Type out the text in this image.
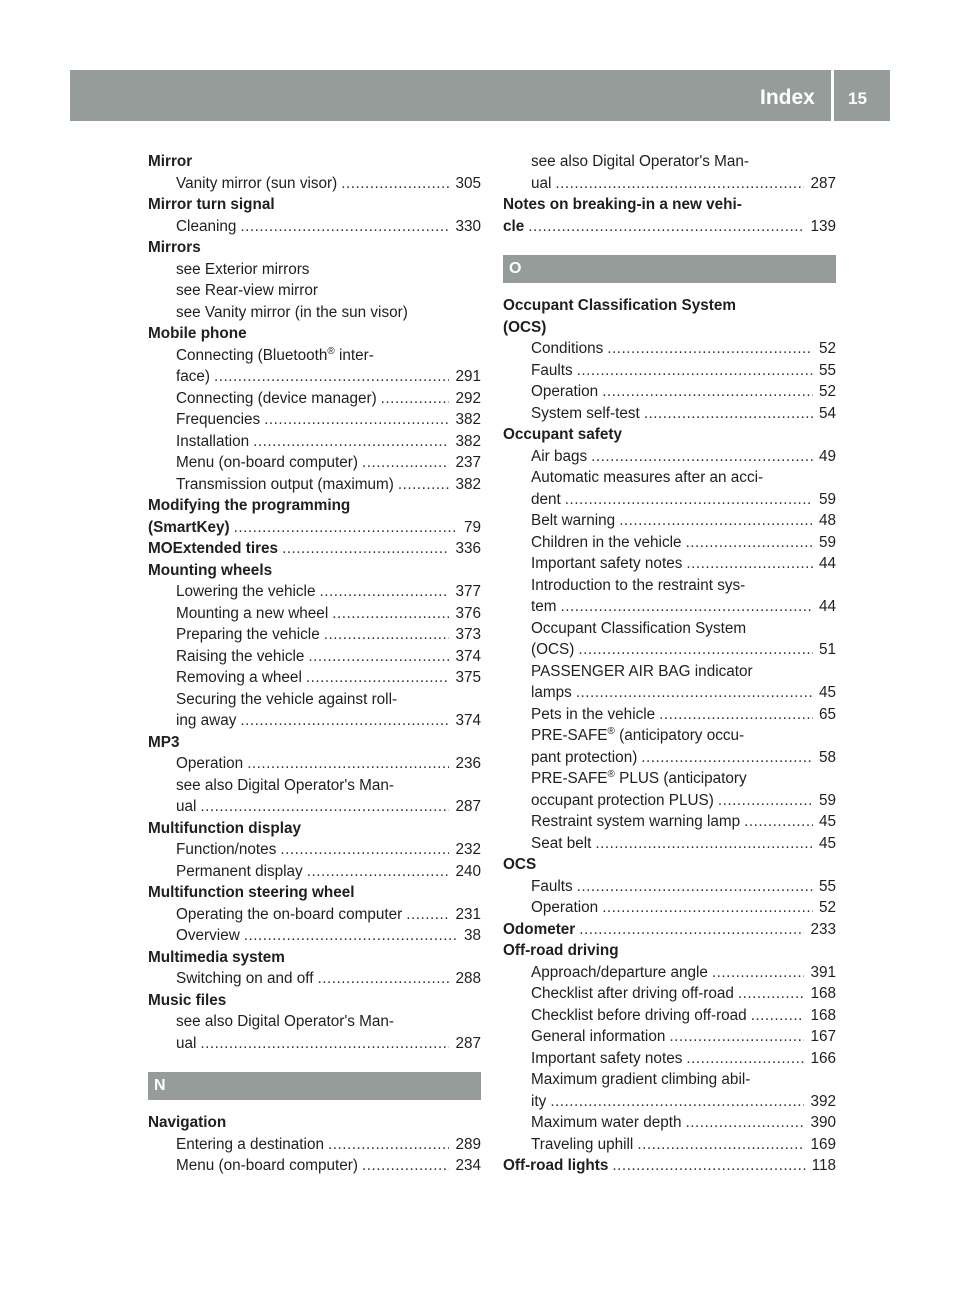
Index 15
Mirror
Vanity mirror (sun visor) .....	305
Mirror turn signal
Cleaning .....	330
Mirrors
see Exterior mirrors
see Rear-view mirror
see Vanity mirror (in the sun visor)
Mobile phone
Connecting (Bluetooth® inter-
face) .....	291
Connecting (device manager) .....	292
Frequencies .....	382
Installation .....	382
Menu (on-board computer) .....	237
Transmission output (maximum) .....	382
Modifying the programming
(SmartKey) .....	79
MOExtended tires .....	336
Mounting wheels
Lowering the vehicle .....	377
Mounting a new wheel .....	376
Preparing the vehicle .....	373
Raising the vehicle .....	374
Removing a wheel .....	375
Securing the vehicle against roll-
ing away .....	374
MP3
Operation .....	236
see also Digital Operator's Man-
ual .....	287
Multifunction display
Function/notes .....	232
Permanent display .....	240
Multifunction steering wheel
Operating the on-board computer .....	231
Overview .....	38
Multimedia system
Switching on and off .....	288
Music files
see also Digital Operator's Man-
ual .....	287
N
Navigation
Entering a destination .....	289
Menu (on-board computer) .....	234
see also Digital Operator's Man-
ual .....	287
Notes on breaking-in a new vehi-
cle .....	139
O
Occupant Classification System
(OCS)
Conditions .....	52
Faults .....	55
Operation .....	52
System self-test .....	54
Occupant safety
Air bags .....	49
Automatic measures after an acci-
dent .....	59
Belt warning .....	48
Children in the vehicle .....	59
Important safety notes .....	44
Introduction to the restraint sys-
tem .....	44
Occupant Classification System
(OCS) .....	51
PASSENGER AIR BAG indicator
lamps .....	45
Pets in the vehicle .....	65
PRE-SAFE® (anticipatory occu-
pant protection) .....	58
PRE-SAFE® PLUS (anticipatory
occupant protection PLUS) .....	59
Restraint system warning lamp .....	45
Seat belt .....	45
OCS
Faults .....	55
Operation .....	52
Odometer .....	233
Off-road driving
Approach/departure angle .....	391
Checklist after driving off-road .....	168
Checklist before driving off-road .....	168
General information .....	167
Important safety notes .....	166
Maximum gradient climbing abil-
ity .....	392
Maximum water depth .....	390
Traveling uphill .....	169
Off-road lights .....	118
